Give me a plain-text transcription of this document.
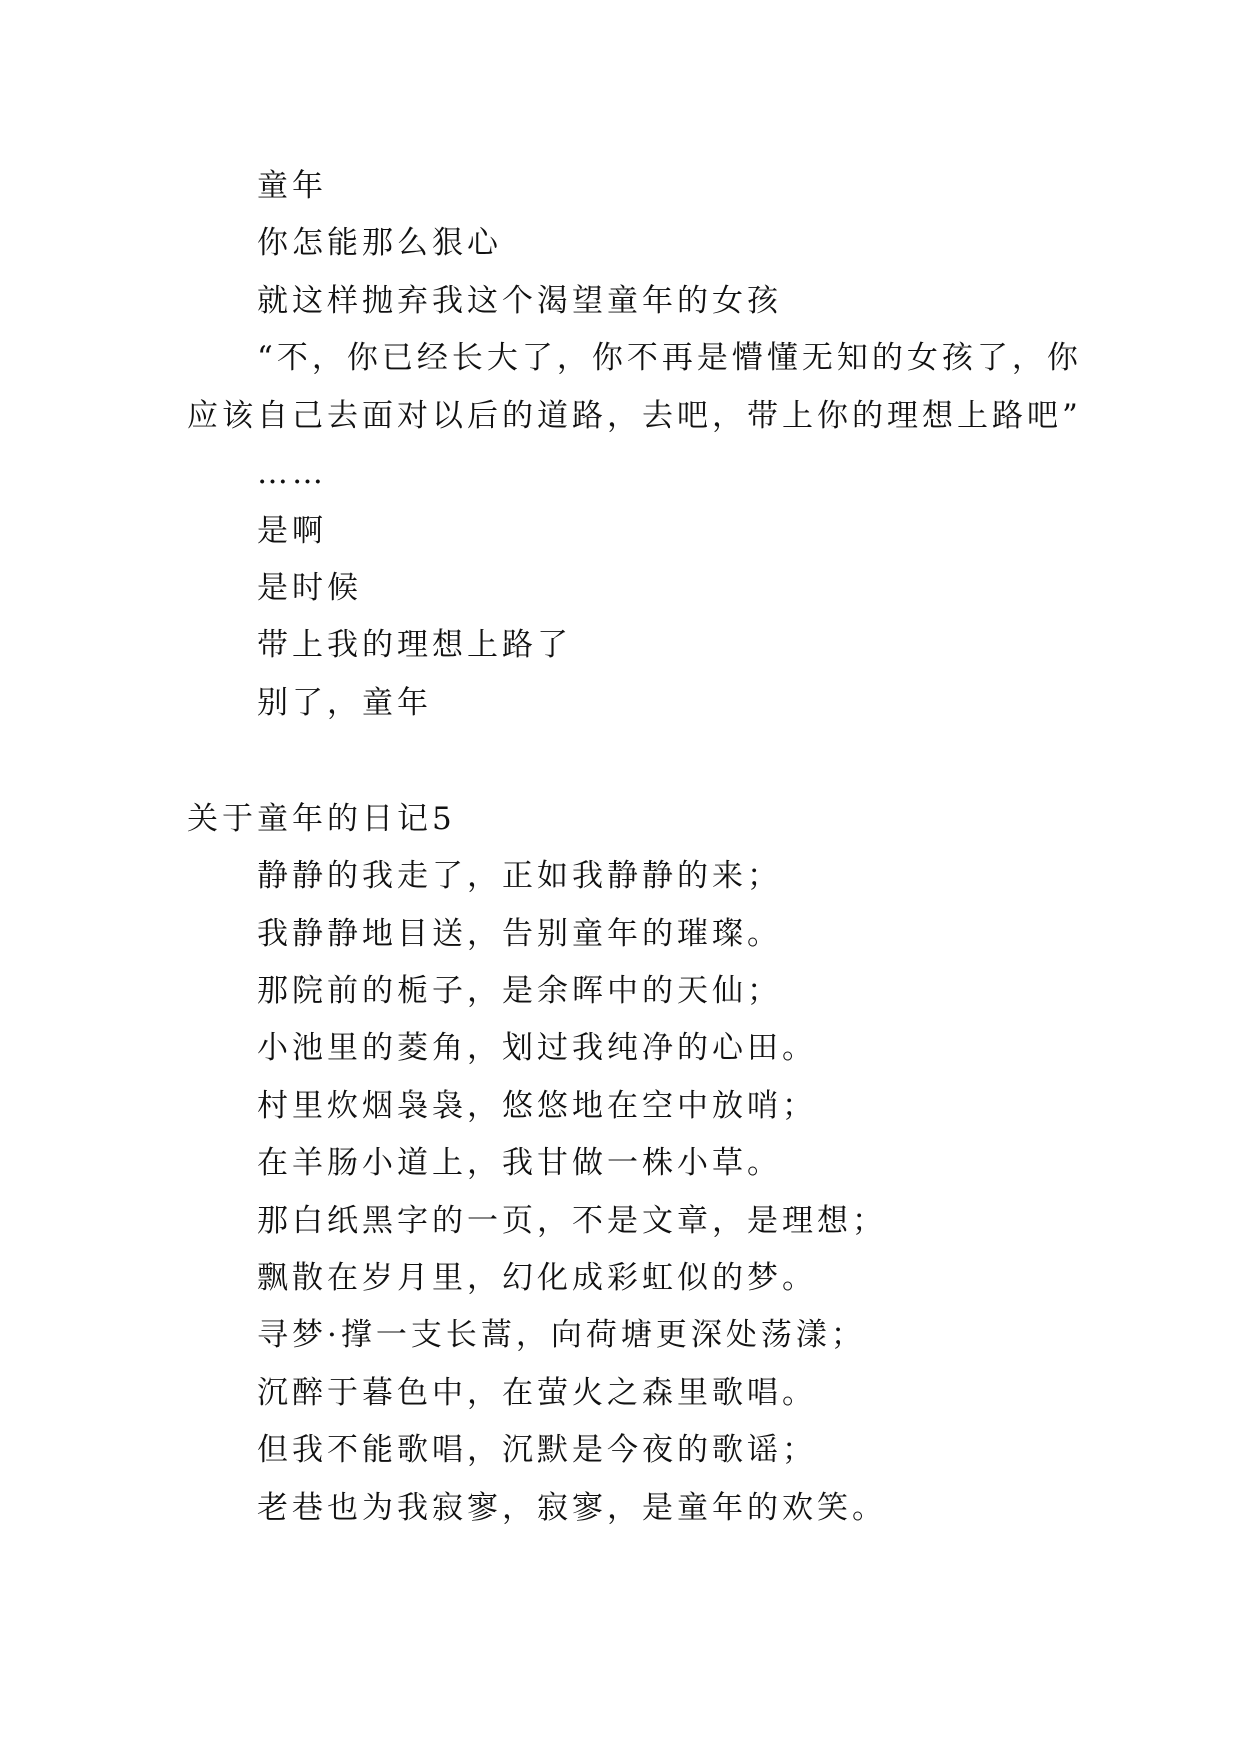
童年
你怎能那么狠心
就这样抛弃我这个渴望童年的女孩
“不，你已经长大了，你不再是懵懂无知的女孩了，你
应该自己去面对以后的道路，去吧，带上你的理想上路吧”
……
是啊
是时候
带上我的理想上路了
别了，童年
关于童年的日记5
静静的我走了，正如我静静的来；
我静静地目送，告别童年的璀璨。
那院前的栀子，是余晖中的天仙；
小池里的菱角，划过我纯净的心田。
村里炊烟袅袅，悠悠地在空中放哨；
在羊肠小道上，我甘做一株小草。
那白纸黑字的一页，不是文章，是理想；
飘散在岁月里，幻化成彩虹似的梦。
寻梦·撑一支长蒿，向荷塘更深处荡漾；
沉醉于暮色中，在萤火之森里歌唱。
但我不能歌唱，沉默是今夜的歌谣；
老巷也为我寂寥，寂寥，是童年的欢笑。
